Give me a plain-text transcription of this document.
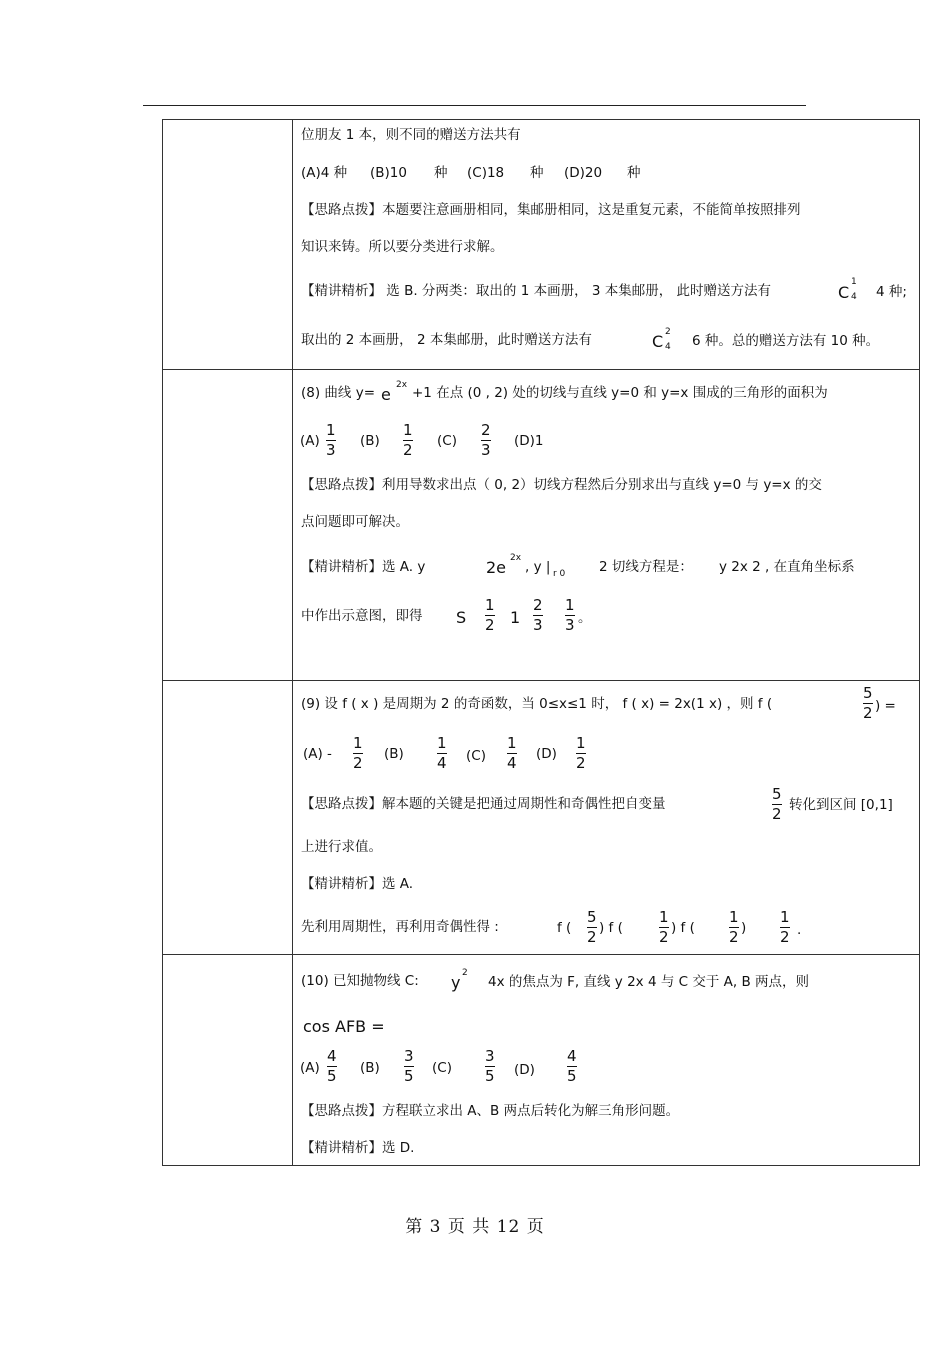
位朋友 1 本，则不同的赠送方法共有
(A)4 种 (B)10 种 (C)18 种 (D)20 种
【思路点拨】本题要注意画册相同，集邮册相同，这是重复元素，不能简单按照排列
知识来铸。所以要分类进行求解。
【精讲精析】 选 B. 分两类：取出的 1 本画册， 3 本集邮册， 此时赠送方法有	C
1
4 4 种;
取出的 2 本画册， 2 本集邮册，此时赠送方法有	C 2
4 6 种。总的赠送方法有 10 种。
(8) 曲线 y= e 2x +1 在点 (0 , 2) 处的切线与直线 y=0 和 y=x 围成的三角形的面积为
(A)
1
3 (B)
1
2 (C)
2
3 (D)1
【思路点拨】利用导数求出点（ 0, 2）切线方程然后分别求出与直线 y=0 与 y=x 的交
点问题即可解决。
【精讲精析】选 A. y	2e 2x
, y | r 0 2 切线方程是： y 2x 2 , 在直角坐标系
中作出示意图，即得 S
1
2 1
2
3
1
3 。
(9) 设 f ( x ) 是周期为 2 的奇函数，当 0≤x≤1 时， f ( x) = 2x(1 x) ，则 f (
5
2 ) =
(A) -
1
2 (B)
1
4 (C)
1
4 (D)
1
2
【思路点拨】解本题的关键是把通过周期性和奇偶性把自变量
5
2 转化到区间 [0,1]
上进行求值。
【精讲精析】选 A.
先利用周期性，再利用奇偶性得 :	f (
5
2 ) f (
1
2 ) f (
1
2 )
1
2 .
(10) 已知抛物线 C: y 2
4x 的焦点为 F, 直线 y 2x 4 与 C 交于 A, B 两点，则
cos AFB =
(A)
4
5 (B)
3
5 (C)
3
5 (D)
4
5
【思路点拨】方程联立求出 A、B 两点后转化为解三角形问题。
【精讲精析】选 D.
第 3 页 共 12 页
